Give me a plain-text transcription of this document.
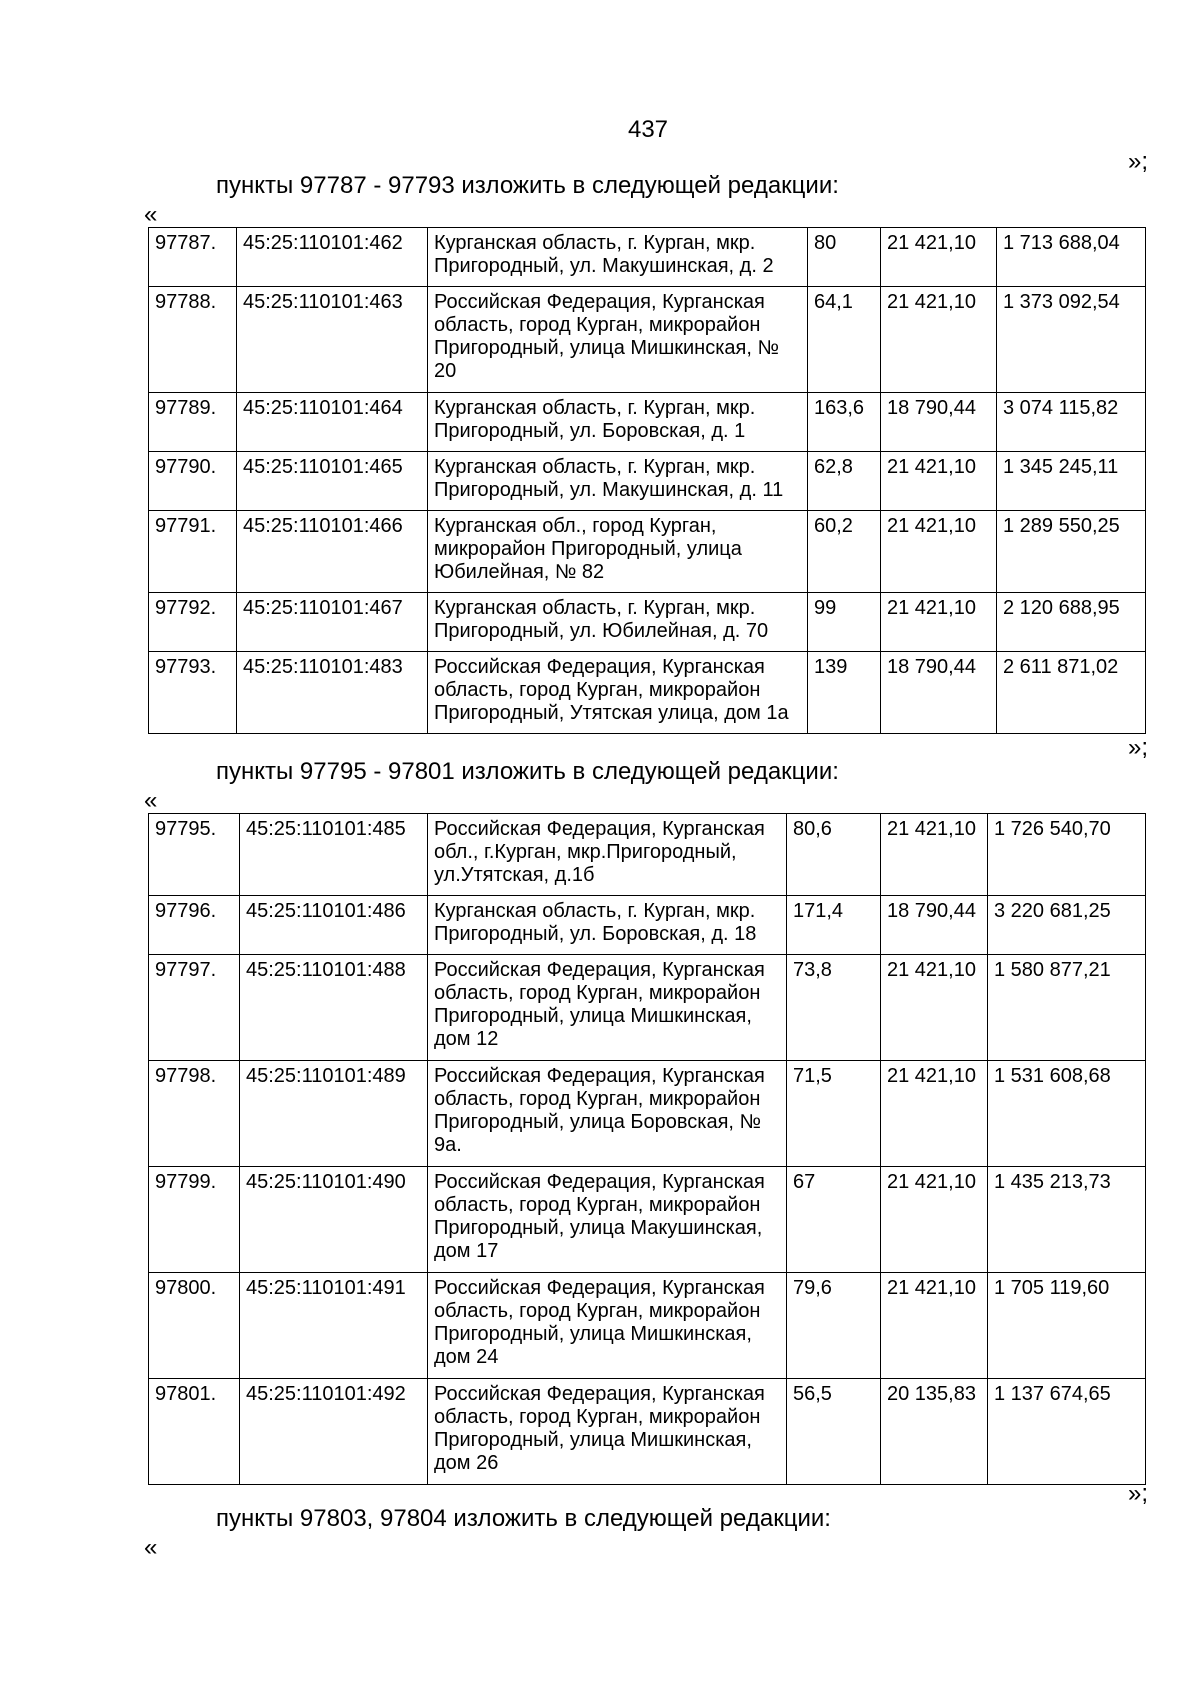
437
»;
пункты 97787 - 97793 изложить в следующей редакции:
«
97787.	45:25:110101:462	Курганская область, г. Курган, мкр. Пригородный, ул. Макушинская, д. 2	80	21 421,10	1 713 688,04
97788.	45:25:110101:463	Российская Федерация, Курганская область, город Курган, микрорайон Пригородный, улица Мишкинская, № 20	64,1	21 421,10	1 373 092,54
97789.	45:25:110101:464	Курганская область, г. Курган, мкр. Пригородный, ул. Боровская, д. 1	163,6	18 790,44	3 074 115,82
97790.	45:25:110101:465	Курганская область, г. Курган, мкр. Пригородный, ул. Макушинская, д. 11	62,8	21 421,10	1 345 245,11
97791.	45:25:110101:466	Курганская обл., город Курган, микрорайон Пригородный, улица Юбилейная, № 82	60,2	21 421,10	1 289 550,25
97792.	45:25:110101:467	Курганская область, г. Курган, мкр. Пригородный, ул. Юбилейная, д. 70	99	21 421,10	2 120 688,95
97793.	45:25:110101:483	Российская Федерация, Курганская область, город Курган, микрорайон Пригородный, Утятская улица, дом 1а	139	18 790,44	2 611 871,02
»;
пункты 97795 - 97801 изложить в следующей редакции:
«
97795.	45:25:110101:485	Российская Федерация, Курганская обл., г.Курган, мкр.Пригородный, ул.Утятская, д.1б	80,6	21 421,10	1 726 540,70
97796.	45:25:110101:486	Курганская область, г. Курган, мкр. Пригородный, ул. Боровская, д. 18	171,4	18 790,44	3 220 681,25
97797.	45:25:110101:488	Российская Федерация, Курганская область, город Курган, микрорайон Пригородный, улица Мишкинская, дом 12	73,8	21 421,10	1 580 877,21
97798.	45:25:110101:489	Российская Федерация, Курганская область, город Курган, микрорайон Пригородный, улица Боровская, № 9а.	71,5	21 421,10	1 531 608,68
97799.	45:25:110101:490	Российская Федерация, Курганская область, город Курган, микрорайон Пригородный, улица Макушинская, дом 17	67	21 421,10	1 435 213,73
97800.	45:25:110101:491	Российская Федерация, Курганская область, город Курган, микрорайон Пригородный, улица Мишкинская, дом 24	79,6	21 421,10	1 705 119,60
97801.	45:25:110101:492	Российская Федерация, Курганская область, город Курган, микрорайон Пригородный, улица Мишкинская, дом 26	56,5	20 135,83	1 137 674,65
»;
пункты 97803, 97804 изложить в следующей редакции:
«
